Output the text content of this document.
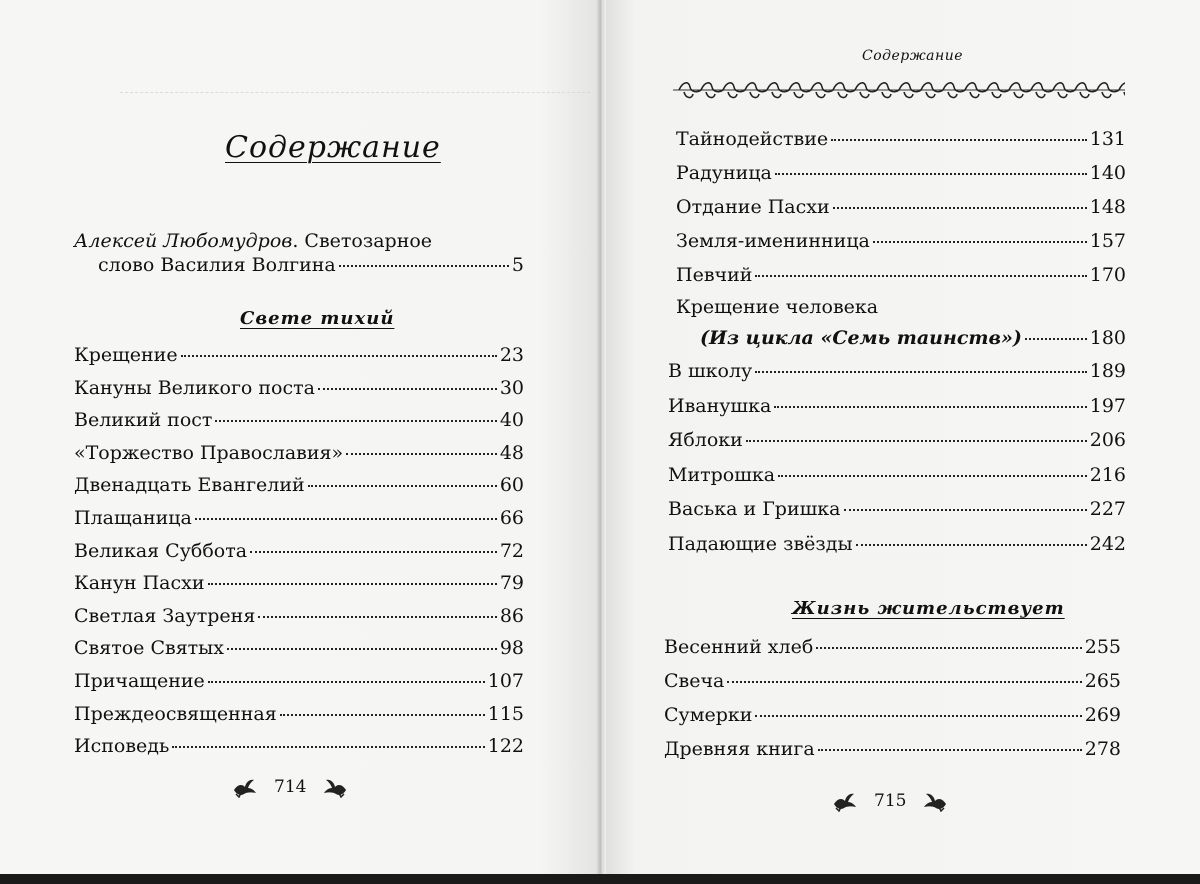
Содержание
Алексей Любомудров. Светозарное
слово Василия Волгина	5
Свете тихий
Крещение	23
Кануны Великого поста	30
Великий пост	40
«Торжество Православия»	48
Двенадцать Евангелий	60
Плащаница	66
Великая Суббота	72
Канун Пасхи	79
Светлая Заутреня	86
Святое Святых	98
Причащение	107
Преждеосвященная	115
Исповедь	122
714
Содержание
Тайнодействие	131
Радуница	140
Отдание Пасхи	148
Земля-именинница	157
Певчий	170
Крещение человека
(Из цикла «Семь таинств»)	180
В школу	189
Иванушка	197
Яблоки	206
Митрошка	216
Васька и Гришка	227
Падающие звёзды	242
Весенний хлеб	255
Свеча	265
Сумерки	269
Древняя книга	278
Жизнь жительствует
715
